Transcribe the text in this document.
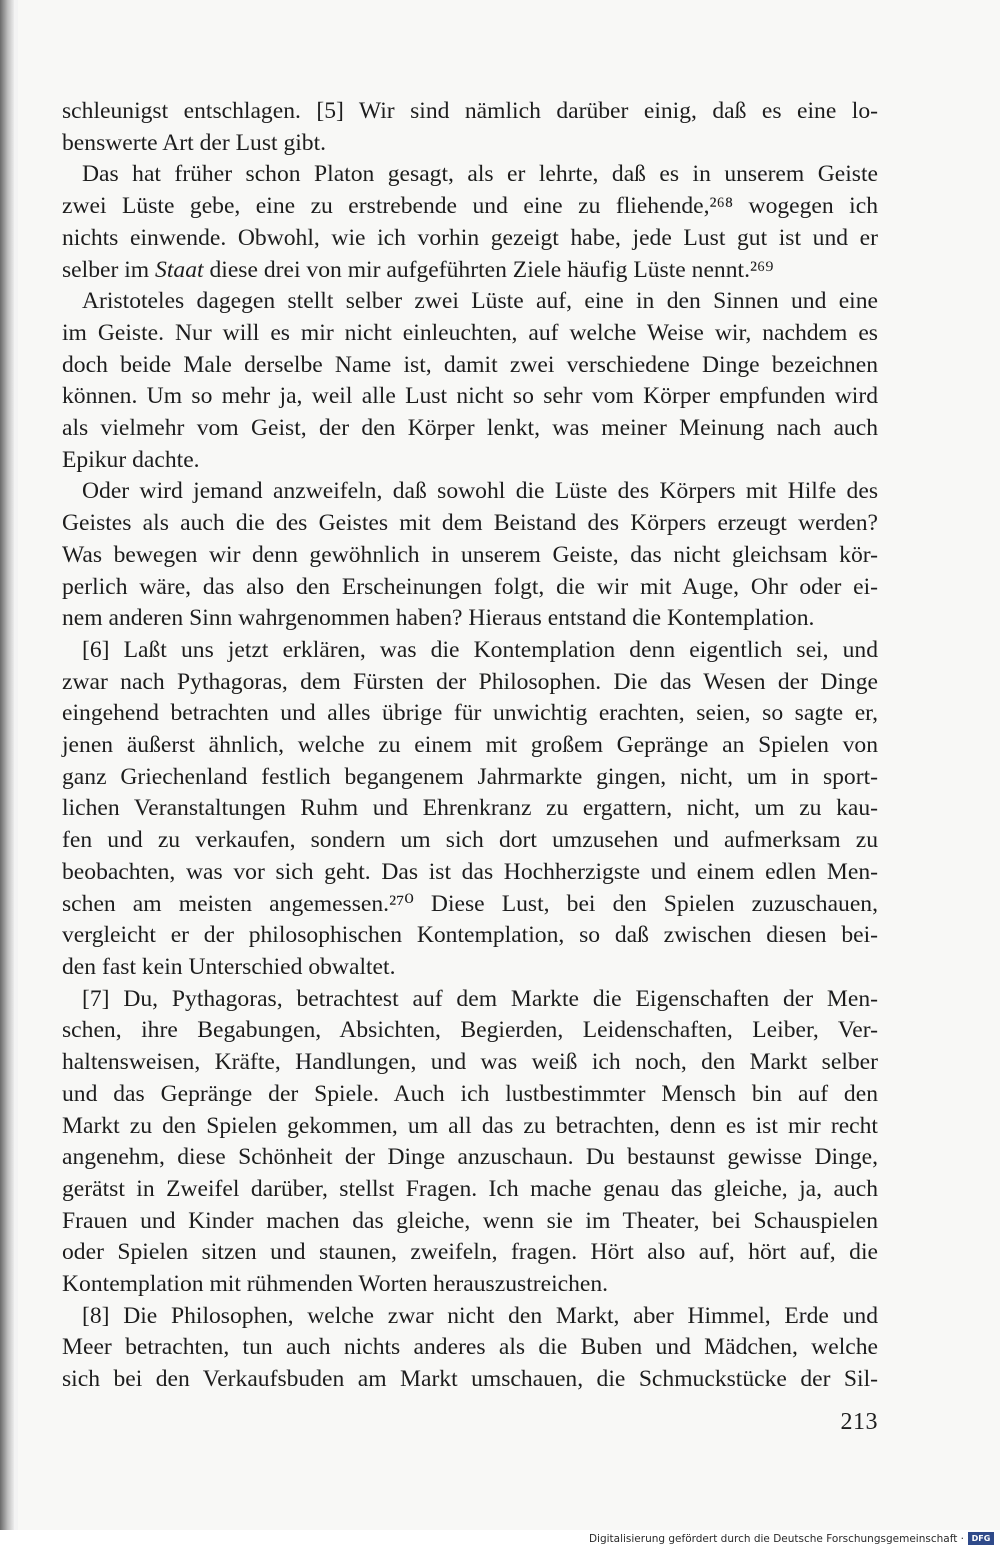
schleunigst entschlagen. [5] Wir sind nämlich darüber einig, daß es eine lo-
benswerte Art der Lust gibt.
Das hat früher schon Platon gesagt, als er lehrte, daß es in unserem Geiste
zwei Lüste gebe, eine zu erstrebende und eine zu fliehende,²⁶⁸ wogegen ich
nichts einwende. Obwohl, wie ich vorhin gezeigt habe, jede Lust gut ist und er
selber im Staat diese drei von mir aufgeführten Ziele häufig Lüste nennt.²⁶⁹
Aristoteles dagegen stellt selber zwei Lüste auf, eine in den Sinnen und eine
im Geiste. Nur will es mir nicht einleuchten, auf welche Weise wir, nachdem es
doch beide Male derselbe Name ist, damit zwei verschiedene Dinge bezeichnen
können. Um so mehr ja, weil alle Lust nicht so sehr vom Körper empfunden wird
als vielmehr vom Geist, der den Körper lenkt, was meiner Meinung nach auch
Epikur dachte.
Oder wird jemand anzweifeln, daß sowohl die Lüste des Körpers mit Hilfe des
Geistes als auch die des Geistes mit dem Beistand des Körpers erzeugt werden?
Was bewegen wir denn gewöhnlich in unserem Geiste, das nicht gleichsam kör-
perlich wäre, das also den Erscheinungen folgt, die wir mit Auge, Ohr oder ei-
nem anderen Sinn wahrgenommen haben? Hieraus entstand die Kontemplation.
[6] Laßt uns jetzt erklären, was die Kontemplation denn eigentlich sei, und
zwar nach Pythagoras, dem Fürsten der Philosophen. Die das Wesen der Dinge
eingehend betrachten und alles übrige für unwichtig erachten, seien, so sagte er,
jenen äußerst ähnlich, welche zu einem mit großem Gepränge an Spielen von
ganz Griechenland festlich begangenem Jahrmarkte gingen, nicht, um in sport-
lichen Veranstaltungen Ruhm und Ehrenkranz zu ergattern, nicht, um zu kau-
fen und zu verkaufen, sondern um sich dort umzusehen und aufmerksam zu
beobachten, was vor sich geht. Das ist das Hochherzigste und einem edlen Men-
schen am meisten angemessen.²⁷⁰ Diese Lust, bei den Spielen zuzuschauen,
vergleicht er der philosophischen Kontemplation, so daß zwischen diesen bei-
den fast kein Unterschied obwaltet.
[7] Du, Pythagoras, betrachtest auf dem Markte die Eigenschaften der Men-
schen, ihre Begabungen, Absichten, Begierden, Leidenschaften, Leiber, Ver-
haltensweisen, Kräfte, Handlungen, und was weiß ich noch, den Markt selber
und das Gepränge der Spiele. Auch ich lustbestimmter Mensch bin auf den
Markt zu den Spielen gekommen, um all das zu betrachten, denn es ist mir recht
angenehm, diese Schönheit der Dinge anzuschaun. Du bestaunst gewisse Dinge,
gerätst in Zweifel darüber, stellst Fragen. Ich mache genau das gleiche, ja, auch
Frauen und Kinder machen das gleiche, wenn sie im Theater, bei Schauspielen
oder Spielen sitzen und staunen, zweifeln, fragen. Hört also auf, hört auf, die
Kontemplation mit rühmenden Worten herauszustreichen.
[8] Die Philosophen, welche zwar nicht den Markt, aber Himmel, Erde und
Meer betrachten, tun auch nichts anderes als die Buben und Mädchen, welche
sich bei den Verkaufsbuden am Markt umschauen, die Schmuckstücke der Sil-
213
Digitalisierung gefördert durch die Deutsche Forschungsgemeinschaft · DFG
